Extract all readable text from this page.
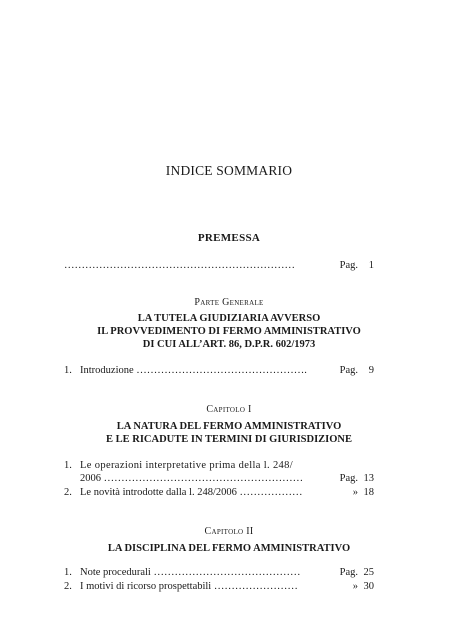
INDICE SOMMARIO
PREMESSA
…………………………………………………………	Pag.	1
Parte Generale
LA TUTELA GIUDIZIARIA AVVERSO
IL PROVVEDIMENTO DI FERMO AMMINISTRATIVO
DI CUI ALL’ART. 86, D.P.R. 602/1973
1. Introduzione ………………………………………….	Pag.	9
Capitolo I
LA NATURA DEL FERMO AMMINISTRATIVO
E LE RICADUTE IN TERMINI DI GIURISDIZIONE
1. Le operazioni interpretative prima della l. 248/
2006 …………………………………………………	Pag. 13
2. Le novità introdotte dalla l. 248/2006 ………………	» 18
Capitolo II
LA DISCIPLINA DEL FERMO AMMINISTRATIVO
1. Note procedurali ……………………………………	Pag. 25
2. I motivi di ricorso prospettabili ……………………	» 30
